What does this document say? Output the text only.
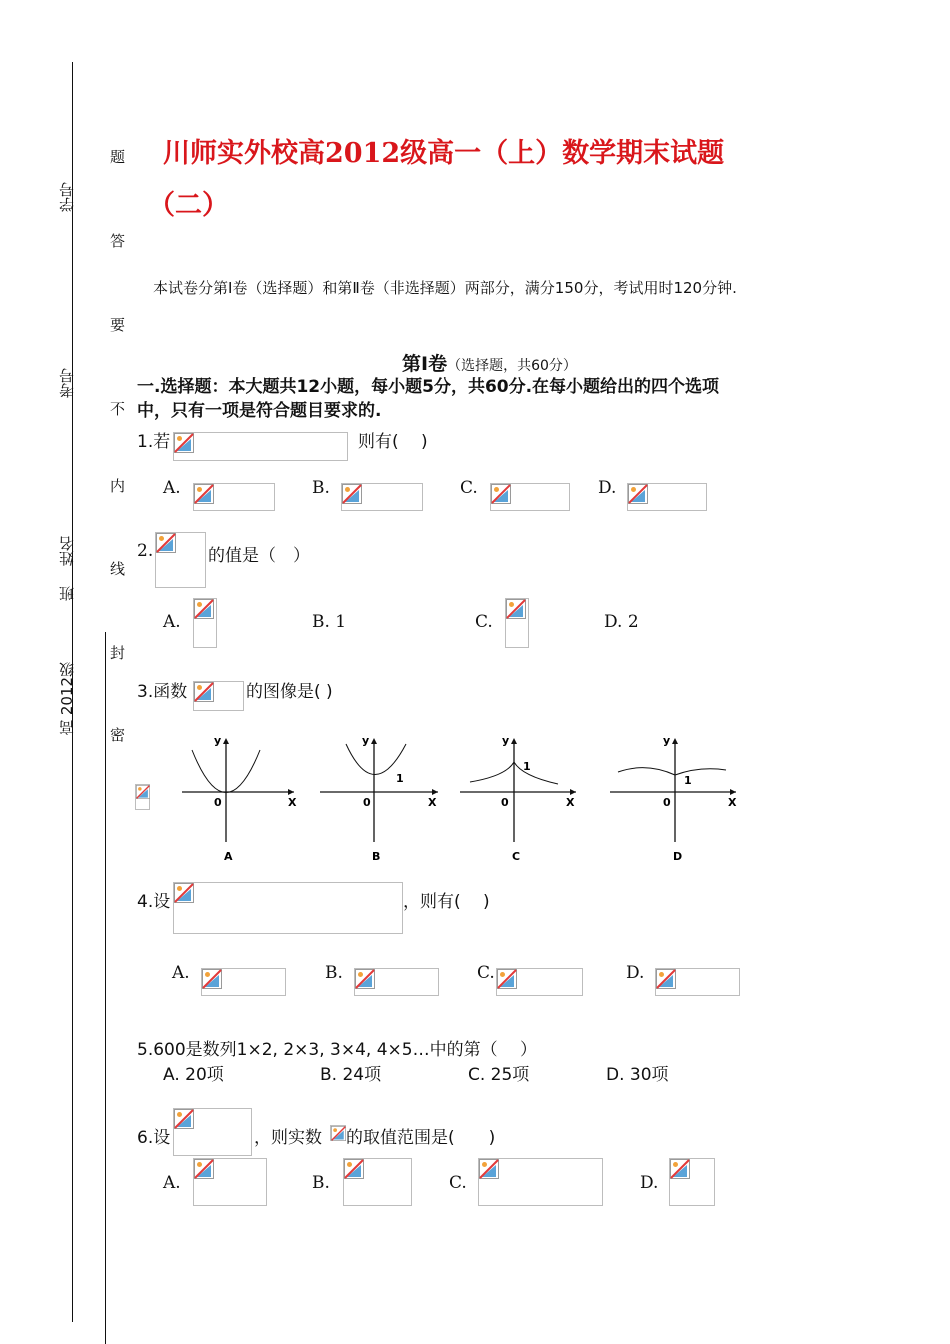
学号
考号
姓名
班
高 2012级
题
答
要
不
内
线
封
密
川师实外校高2012级高一（上）数学期末试题
（二）
本试卷分第Ⅰ卷（选择题）和第Ⅱ卷（非选择题）两部分，满分150分，考试用时120分钟.
第Ⅰ卷（选择题，共60分）
一.选择题：本大题共12小题，每小题5分，共60分.在每小题给出的四个选项
中，只有一项是符合题目要求的.
1.若	则有(　 )
A.	B.	C.	D.
2.	的值是（　）
A.	B. 1	C.	D. 2
3.函数	的图像是( )
y
0	X
A
y
1
0	X
B
y
1
0	X
C
y
1
0	X
D
4.设	，则有(　 )
A.	B.	C.	D.
5.600是数列1×2, 2×3, 3×4, 4×5…中的第（　 ）
A. 20项	B. 24项	C. 25项	D. 30项
6.设	，则实数 的取值范围是(　　)
A.	B.	C.	D.
